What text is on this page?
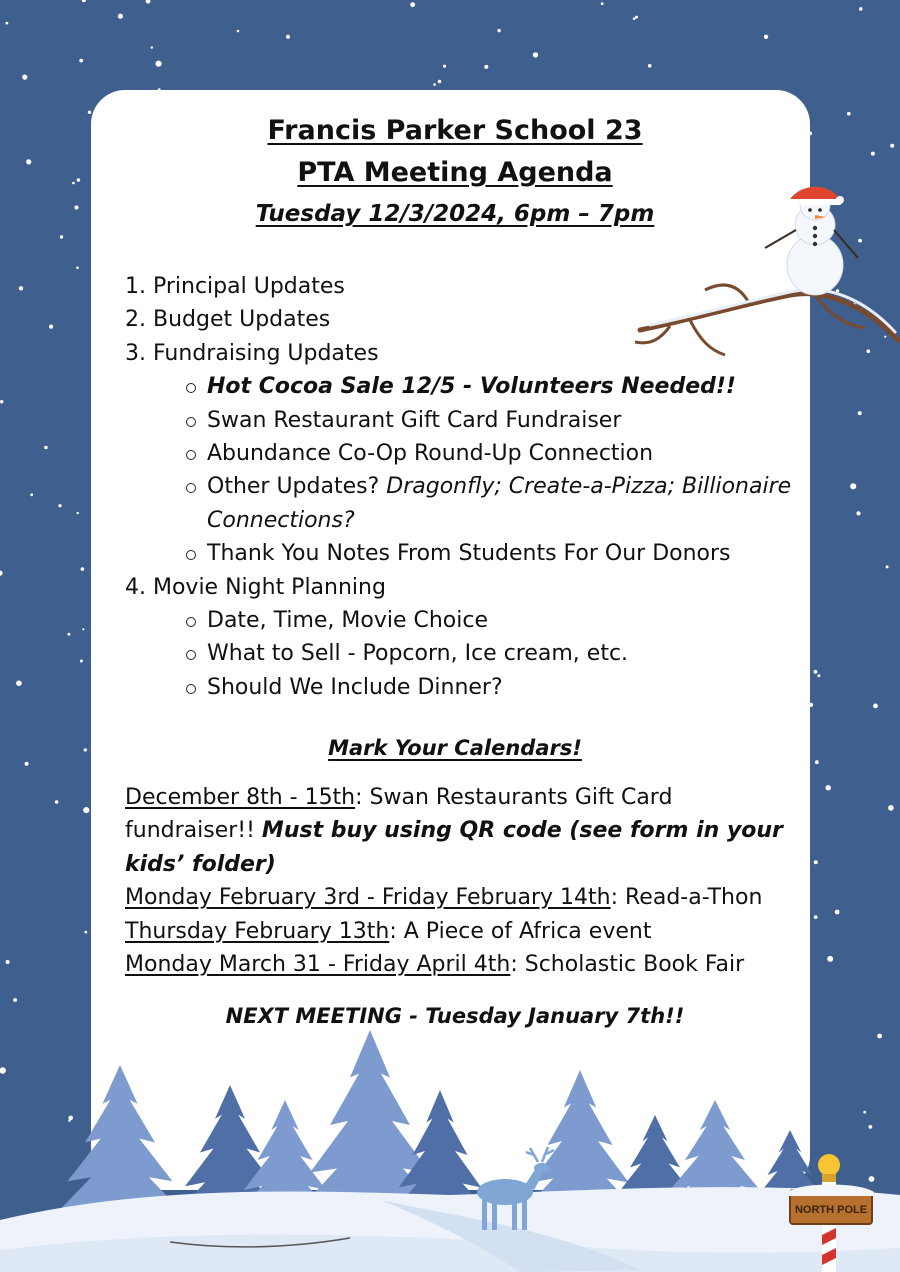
Francis Parker School 23
PTA Meeting Agenda
Tuesday 12/3/2024, 6pm – 7pm
1. Principal Updates
2. Budget Updates
3. Fundraising Updates
Hot Cocoa Sale 12/5 - Volunteers Needed!!
Swan Restaurant Gift Card Fundraiser
Abundance Co-Op Round-Up Connection
Other Updates? Dragonfly; Create-a-Pizza; Billionaire Connections?
Thank You Notes From Students For Our Donors
4. Movie Night Planning
Date, Time, Movie Choice
What to Sell - Popcorn, Ice cream, etc.
Should We Include Dinner?
Mark Your Calendars!

December 8th - 15th: Swan Restaurants Gift Card fundraiser!! Must buy using QR code (see form in your kids’ folder)

Monday February 3rd - Friday February 14th: Read-a-Thon

Thursday February 13th: A Piece of Africa event

Monday March 31 - Friday April 4th: Scholastic Book Fair

NEXT MEETING - Tuesday January 7th!!
NORTH POLE
